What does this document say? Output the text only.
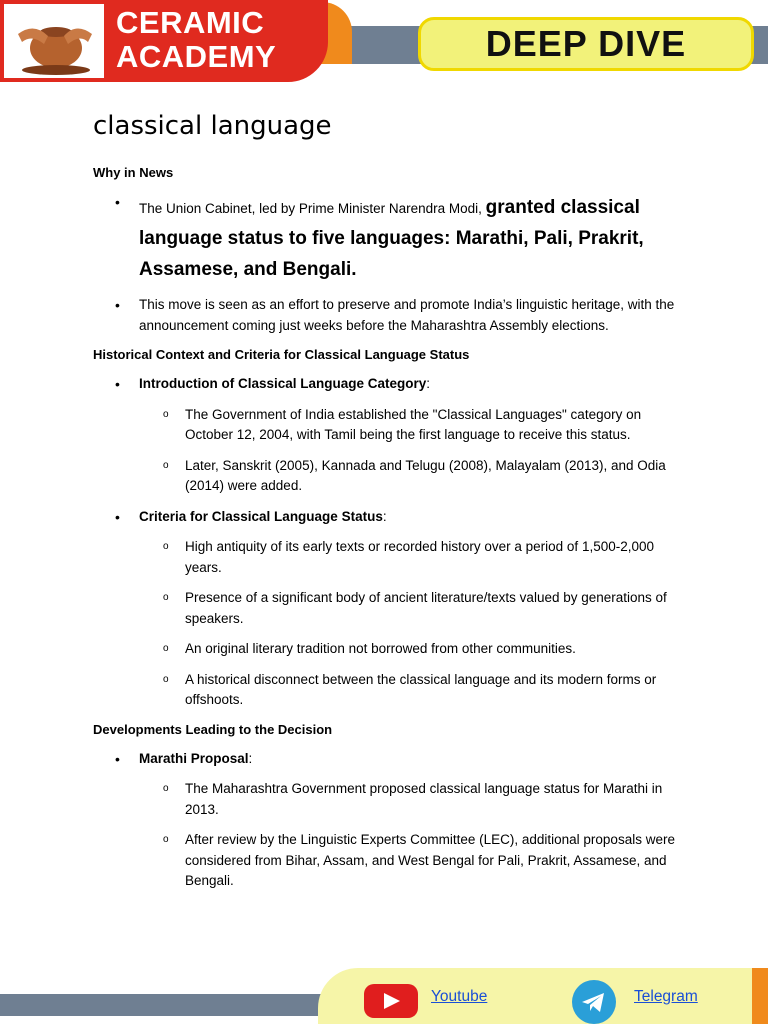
CERAMIC
ACADEMY	DEEP DIVE
classical language
Why in News
• The Union Cabinet, led by Prime Minister Narendra Modi, granted classical language status to five languages: Marathi, Pali, Prakrit, Assamese, and Bengali.
• This move is seen as an effort to preserve and promote India’s linguistic heritage, with the announcement coming just weeks before the Maharashtra Assembly elections.
Historical Context and Criteria for Classical Language Status
• Introduction of Classical Language Category:
o The Government of India established the "Classical Languages" category on October 12, 2004, with Tamil being the first language to receive this status.
o Later, Sanskrit (2005), Kannada and Telugu (2008), Malayalam (2013), and Odia (2014) were added.
• Criteria for Classical Language Status:
o High antiquity of its early texts or recorded history over a period of 1,500-2,000 years.
o Presence of a significant body of ancient literature/texts valued by generations of speakers.
o An original literary tradition not borrowed from other communities.
o A historical disconnect between the classical language and its modern forms or offshoots.
Developments Leading to the Decision
• Marathi Proposal:
o The Maharashtra Government proposed classical language status for Marathi in 2013.
o After review by the Linguistic Experts Committee (LEC), additional proposals were considered from Bihar, Assam, and West Bengal for Pali, Prakrit, Assamese, and Bengali.
Youtube	Telegram
